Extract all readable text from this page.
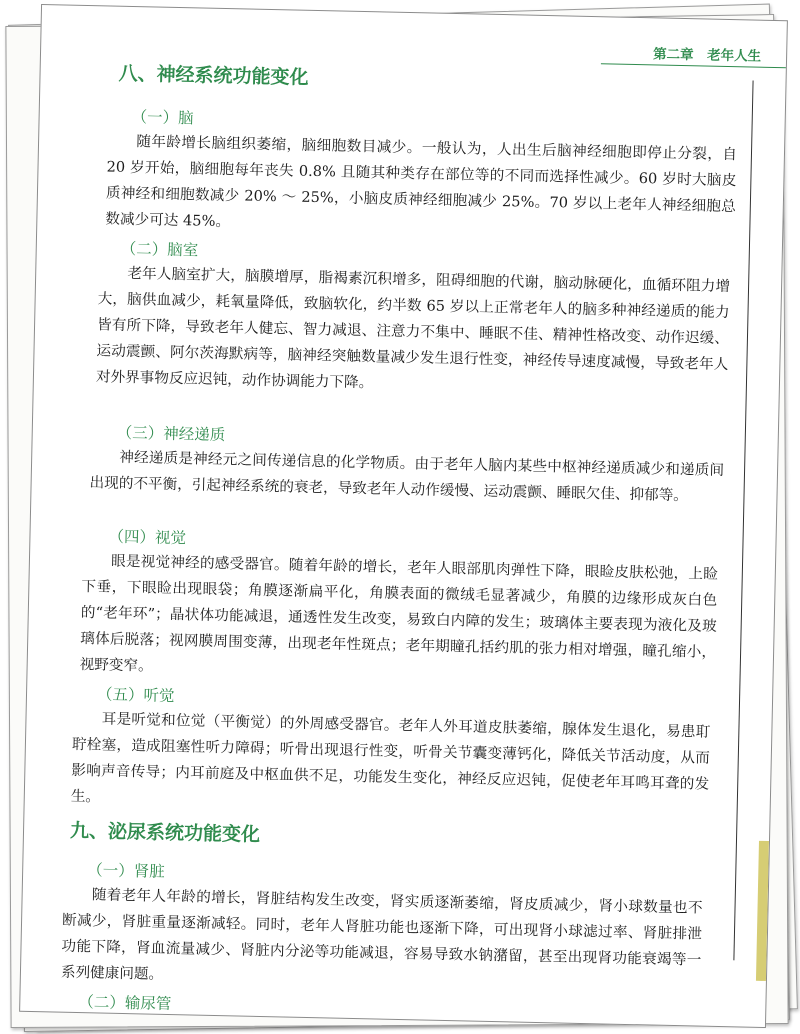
第二章　老年人生
八、神经系统功能变化
（一）脑
随年龄增长脑组织萎缩，脑细胞数目减少。一般认为，人出生后脑神经细胞即停止分裂，自 20 岁开始，脑细胞每年丧失 0.8% 且随其种类存在部位等的不同而选择性减少。60 岁时大脑皮质神经和细胞数减少 20% ～ 25%，小脑皮质神经细胞减少 25%。70 岁以上老年人神经细胞总数减少可达 45%。
（二）脑室
老年人脑室扩大，脑膜增厚，脂褐素沉积增多，阻碍细胞的代谢，脑动脉硬化，血循环阻力增大，脑供血减少，耗氧量降低，致脑软化，约半数 65 岁以上正常老年人的脑多种神经递质的能力皆有所下降，导致老年人健忘、智力减退、注意力不集中、睡眠不佳、精神性格改变、动作迟缓、运动震颤、阿尔茨海默病等，脑神经突触数量减少发生退行性变，神经传导速度减慢，导致老年人对外界事物反应迟钝，动作协调能力下降。
（三）神经递质
神经递质是神经元之间传递信息的化学物质。由于老年人脑内某些中枢神经递质减少和递质间出现的不平衡，引起神经系统的衰老，导致老年人动作缓慢、运动震颤、睡眠欠佳、抑郁等。
（四）视觉
眼是视觉神经的感受器官。随着年龄的增长，老年人眼部肌肉弹性下降，眼睑皮肤松弛，上睑下垂，下眼睑出现眼袋；角膜逐渐扁平化，角膜表面的微绒毛显著减少，角膜的边缘形成灰白色的“老年环”；晶状体功能减退，通透性发生改变，易致白内障的发生；玻璃体主要表现为液化及玻璃体后脱落；视网膜周围变薄，出现老年性斑点；老年期瞳孔括约肌的张力相对增强，瞳孔缩小，视野变窄。
（五）听觉
耳是听觉和位觉（平衡觉）的外周感受器官。老年人外耳道皮肤萎缩，腺体发生退化，易患耵聍栓塞，造成阻塞性听力障碍；听骨出现退行性变，听骨关节囊变薄钙化，降低关节活动度，从而影响声音传导；内耳前庭及中枢血供不足，功能发生变化，神经反应迟钝，促使老年耳鸣耳聋的发生。
九、泌尿系统功能变化
（一）肾脏
随着老年人年龄的增长，肾脏结构发生改变，肾实质逐渐萎缩，肾皮质减少，肾小球数量也不断减少，肾脏重量逐渐减轻。同时，老年人肾脏功能也逐渐下降，可出现肾小球滤过率、肾脏排泄功能下降，肾血流量减少、肾脏内分泌等功能减退，容易导致水钠潴留，甚至出现肾功能衰竭等一系列健康问题。
（二）输尿管
